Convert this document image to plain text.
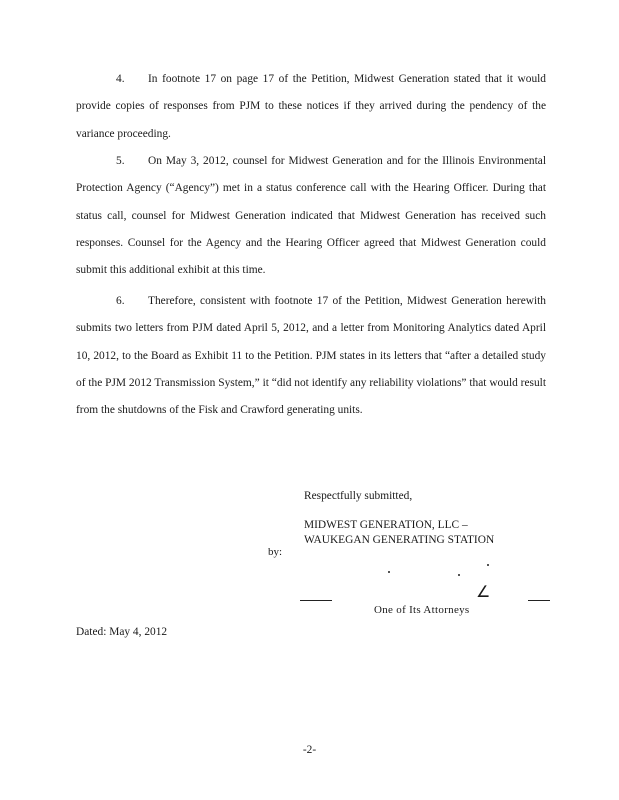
4. In footnote 17 on page 17 of the Petition, Midwest Generation stated that it would provide copies of responses from PJM to these notices if they arrived during the pendency of the variance proceeding.
5. On May 3, 2012, counsel for Midwest Generation and for the Illinois Environmental Protection Agency (“Agency”) met in a status conference call with the Hearing Officer. During that status call, counsel for Midwest Generation indicated that Midwest Generation has received such responses. Counsel for the Agency and the Hearing Officer agreed that Midwest Generation could submit this additional exhibit at this time.
6. Therefore, consistent with footnote 17 of the Petition, Midwest Generation herewith submits two letters from PJM dated April 5, 2012, and a letter from Monitoring Analytics dated April 10, 2012, to the Board as Exhibit 11 to the Petition. PJM states in its letters that “after a detailed study of the PJM 2012 Transmission System,” it “did not identify any reliability violations” that would result from the shutdowns of the Fisk and Crawford generating units.
Respectfully submitted,
MIDWEST GENERATION, LLC –
WAUKEGAN GENERATING STATION
by:
∠
One of Its Attorneys
Dated: May 4, 2012
-2-
